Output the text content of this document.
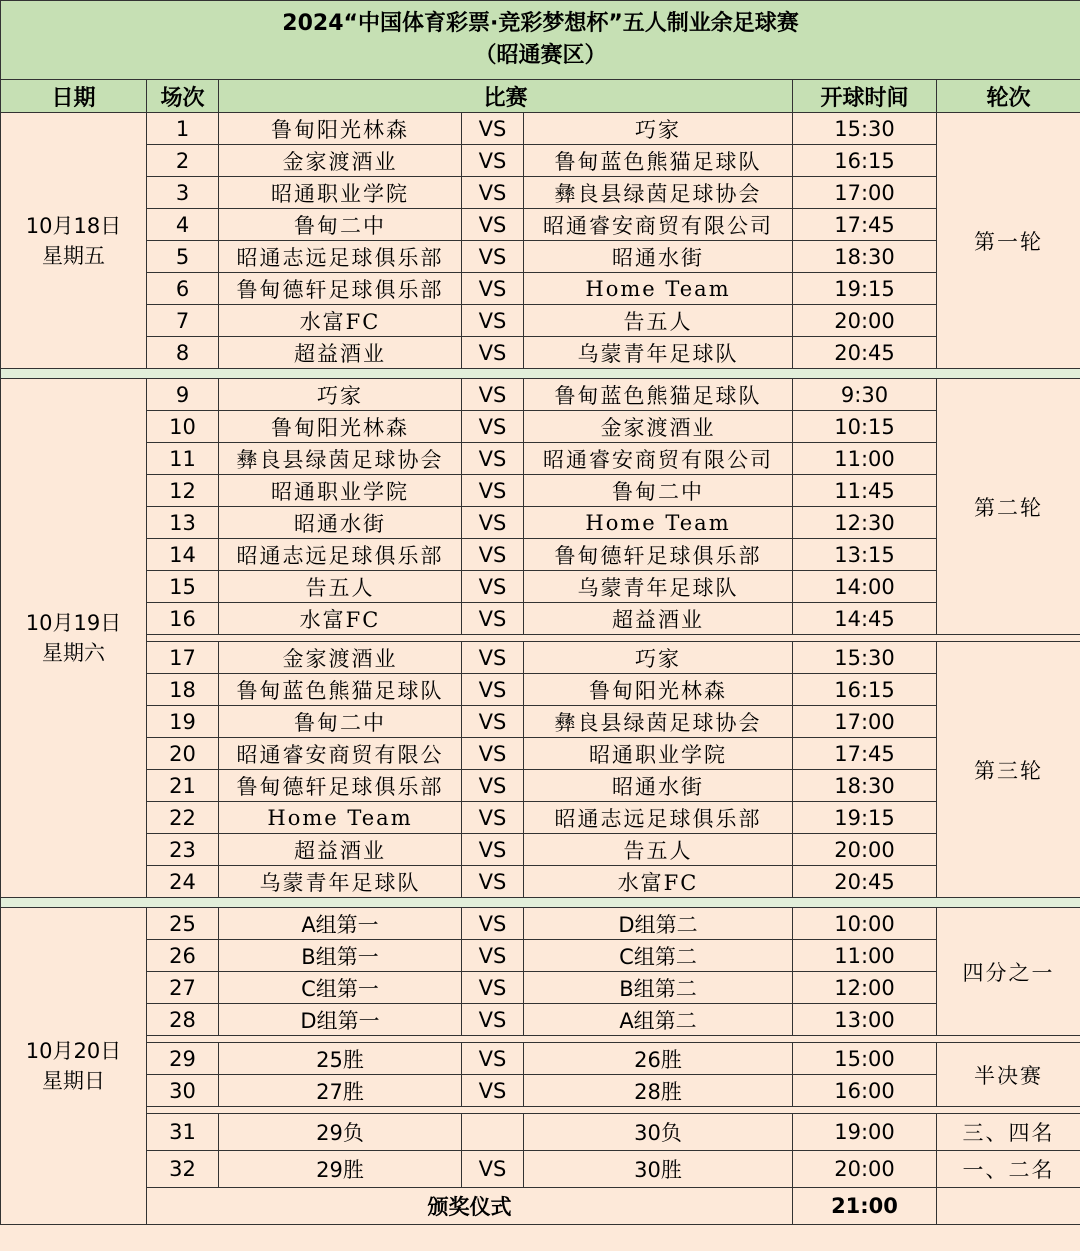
2024“中国体育彩票·竞彩梦想杯”五人制业余足球赛
（昭通赛区）						

日期	场次	比赛			开球时间	轮次

10月18日
星期五	1	鲁甸阳光林森	VS	巧家	15:30	第一轮
	2	金家渡酒业	VS	鲁甸蓝色熊猫足球队	16:15	
	3	昭通职业学院	VS	彝良县绿茵足球协会	17:00	
	4	鲁甸二中	VS	昭通睿安商贸有限公司	17:45	
	5	昭通志远足球俱乐部	VS	昭通水街	18:30	
	6	鲁甸德轩足球俱乐部	VS	Home Team	19:15	
	7	水富FC	VS	告五人	20:00	
	8	超益酒业	VS	乌蒙青年足球队	20:45	

10月19日
星期六	9	巧家	VS	鲁甸蓝色熊猫足球队	9:30	第二轮
	10	鲁甸阳光林森	VS	金家渡酒业	10:15	
	11	彝良县绿茵足球协会	VS	昭通睿安商贸有限公司	11:00	
	12	昭通职业学院	VS	鲁甸二中	11:45	
	13	昭通水街	VS	Home Team	12:30	
	14	昭通志远足球俱乐部	VS	鲁甸德轩足球俱乐部	13:15	
	15	告五人	VS	乌蒙青年足球队	14:00	
	16	水富FC	VS	超益酒业	14:45	

	17	金家渡酒业	VS	巧家	15:30	第三轮
	18	鲁甸蓝色熊猫足球队	VS	鲁甸阳光林森	16:15	
	19	鲁甸二中	VS	彝良县绿茵足球协会	17:00	
	20	昭通睿安商贸有限公	VS	昭通职业学院	17:45	
	21	鲁甸德轩足球俱乐部	VS	昭通水街	18:30	
	22	Home Team	VS	昭通志远足球俱乐部	19:15	
	23	超益酒业	VS	告五人	20:00	
	24	乌蒙青年足球队	VS	水富FC	20:45	

10月20日
星期日	25	A组第一	VS	D组第二	10:00	四分之一
	26	B组第一	VS	C组第二	11:00	
	27	C组第一	VS	B组第二	12:00	
	28	D组第一	VS	A组第二	13:00	

	29	25胜	VS	26胜	15:00	半决赛
	30	27胜	VS	28胜	16:00	

	31	29负		30负	19:00	三、四名
	32	29胜	VS	30胜	20:00	一、二名
	颁奖仪式				21:00	
